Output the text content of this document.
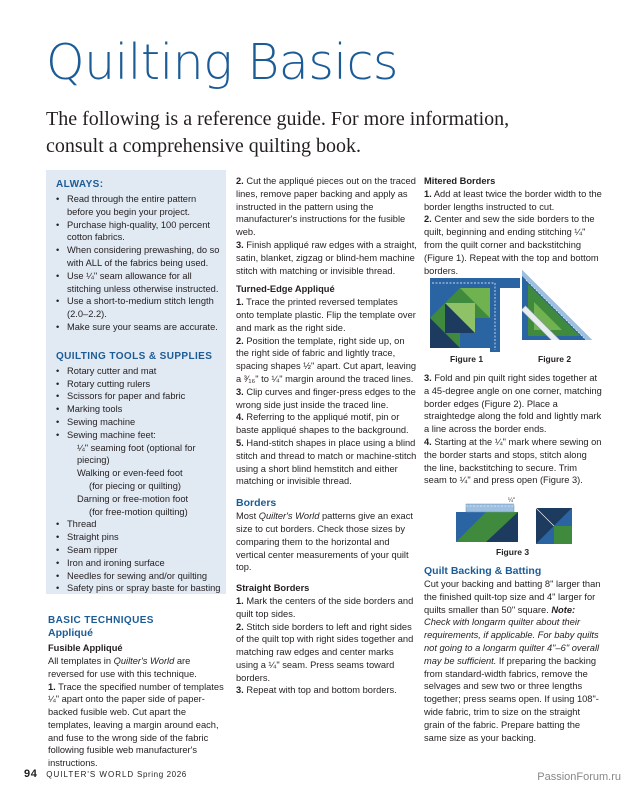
Quilting Basics

The following is a reference guide. For more information, consult a comprehensive quilting book.

ALWAYS:
• Read through the entire pattern before you begin your project.
• Purchase high-quality, 100 percent cotton fabrics.
• When considering prewashing, do so with ALL of the fabrics being used.
• Use ¼" seam allowance for all stitching unless otherwise instructed.
• Use a short-to-medium stitch length (2.0–2.2).
• Make sure your seams are accurate.
QUILTING TOOLS & SUPPLIES
• Rotary cutter and mat
• Rotary cutting rulers
• Scissors for paper and fabric
• Marking tools
• Sewing machine
• Sewing machine feet:
¼" seaming foot (optional for piecing)
Walking or even-feed foot
(for piecing or quilting)
Darning or free-motion foot
(for free-motion quilting)
• Thread
• Straight pins
• Seam ripper
• Iron and ironing surface
• Needles for sewing and/or quilting
• Safety pins or spray baste for basting
BASIC TECHNIQUES
Appliqué
Fusible Appliqué

All templates in Quilter's World are reversed for use with this technique.

1. Trace the specified number of templates ¼" apart onto the paper side of paper-backed fusible web. Cut apart the templates, leaving a margin around each, and fuse to the wrong side of the fabric following fusible web manufacturer's instructions.

2. Cut the appliqué pieces out on the traced lines, remove paper backing and apply as instructed in the pattern using the manufacturer's instructions for the fusible web.

3. Finish appliqué raw edges with a straight, satin, blanket, zigzag or blind-hem machine stitch with matching or invisible thread.

Turned-Edge Appliqué

1. Trace the printed reversed templates onto template plastic. Flip the template over and mark as the right side.

2. Position the template, right side up, on the right side of fabric and lightly trace, spacing shapes ½" apart. Cut apart, leaving a ³⁄₁₆" to ¼" margin around the traced lines.

3. Clip curves and finger-press edges to the wrong side just inside the traced line.

4. Referring to the appliqué motif, pin or baste appliqué shapes to the background.

5. Hand-stitch shapes in place using a blind stitch and thread to match or machine-stitch using a short blind hemstitch and either matching or invisible thread.

Borders

Most Quilter's World patterns give an exact size to cut borders. Check those sizes by comparing them to the horizontal and vertical center measurements of your quilt top.

Straight Borders

1. Mark the centers of the side borders and quilt top sides.

2. Stitch side borders to left and right sides of the quilt top with right sides together and matching raw edges and center marks using a ¼" seam. Press seams toward borders.

3. Repeat with top and bottom borders.

Mitered Borders

1. Add at least twice the border width to the border lengths instructed to cut.

2. Center and sew the side borders to the quilt, beginning and ending stitching ¼" from the quilt corner and backstitching (Figure 1). Repeat with the top and bottom borders.

Figure 1	Figure 2

3. Fold and pin quilt right sides together at a 45-degree angle on one corner, matching border edges (Figure 2). Place a straightedge along the fold and lightly mark a line across the border ends.

4. Starting at the ¼" mark where sewing on the border starts and stops, stitch along the line, backstitching to secure. Trim seam to ¼" and press open (Figure 3).

¼"
Figure 3
Quilt Backing & Batting

Cut your backing and batting 8" larger than the finished quilt-top size and 4" larger for quilts smaller than 50" square. Note: Check with longarm quilter about their requirements, if applicable. For baby quilts not going to a longarm quilter 4"–6" overall may be sufficient. If preparing the backing from standard-width fabrics, remove the selvages and sew two or three lengths together; press seams open. If using 108"-wide fabric, trim to size on the straight grain of the fabric. Prepare batting the same size as your backing.

94 QUILTER'S WORLD Spring 2026	PassionForum.ru
